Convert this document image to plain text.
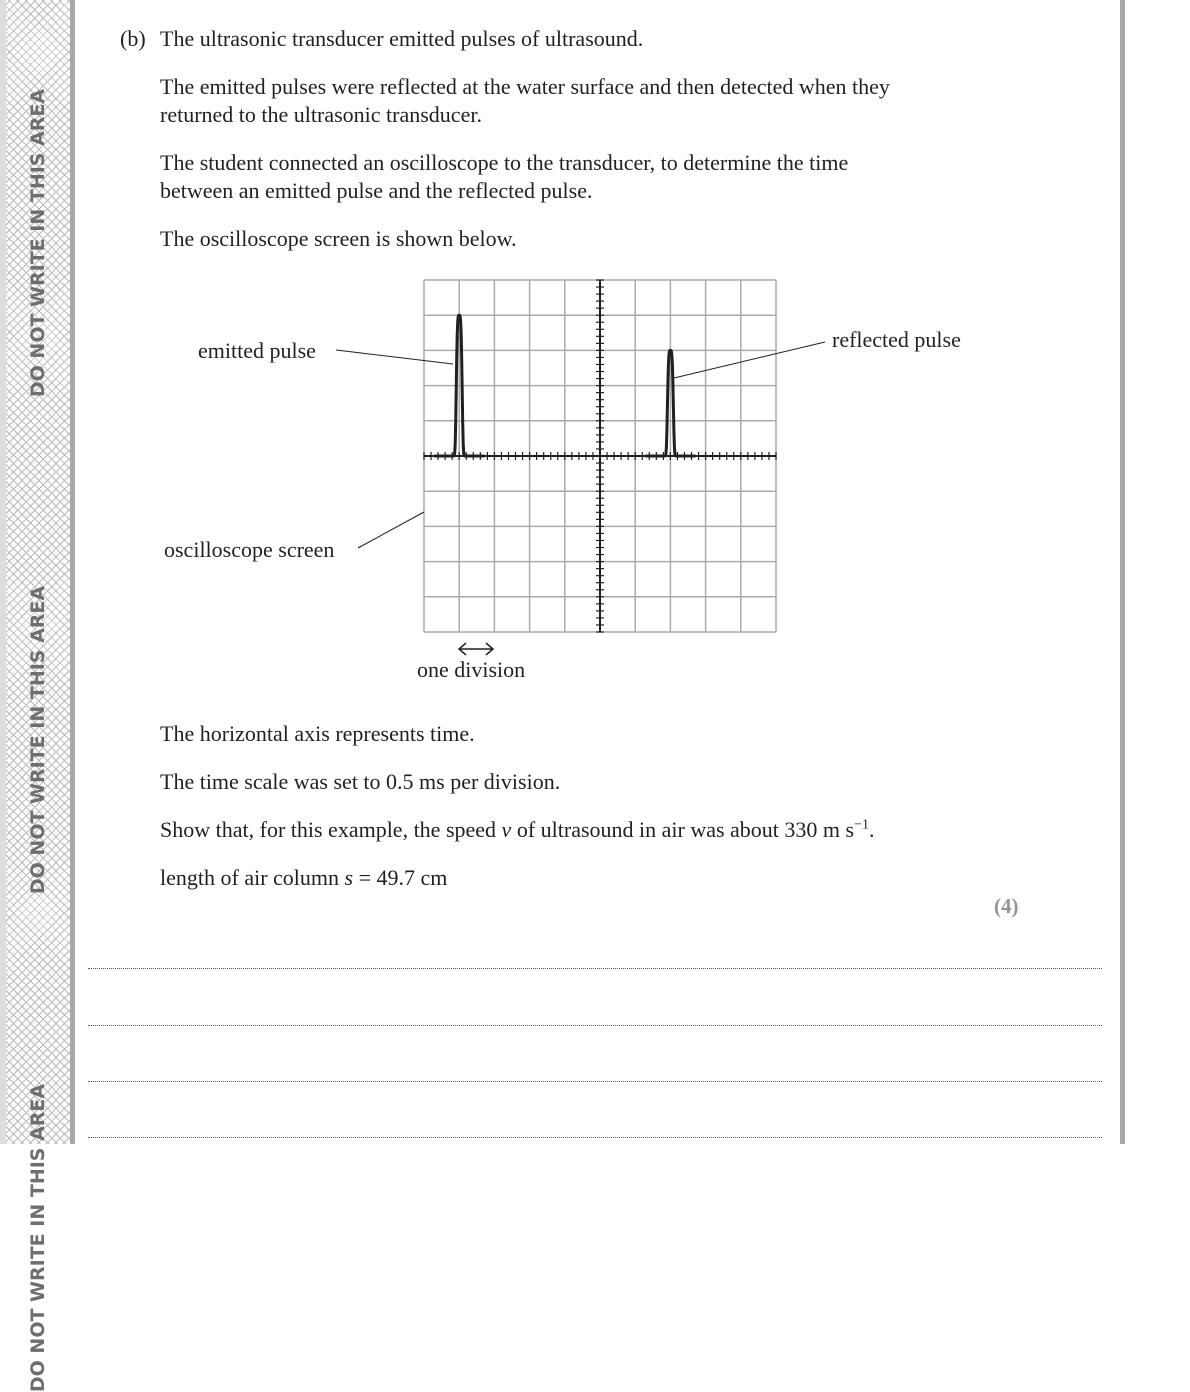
DO NOT WRITE IN THIS AREA
DO NOT WRITE IN THIS AREA
DO NOT WRITE IN THIS AREA
(b) The ultrasonic transducer emitted pulses of ultrasound.
The emitted pulses were reflected at the water surface and then detected when they
returned to the ultrasonic transducer.
The student connected an oscilloscope to the transducer, to determine the time
between an emitted pulse and the reflected pulse.
The oscilloscope screen is shown below.
emitted pulse	reflected pulse
oscilloscope screen
one division
The horizontal axis represents time.
The time scale was set to 0.5 ms per division.
Show that, for this example, the speed v of ultrasound in air was about 330 m $s^{-1}$.
length of air column s = 49.7 cm
(4)
